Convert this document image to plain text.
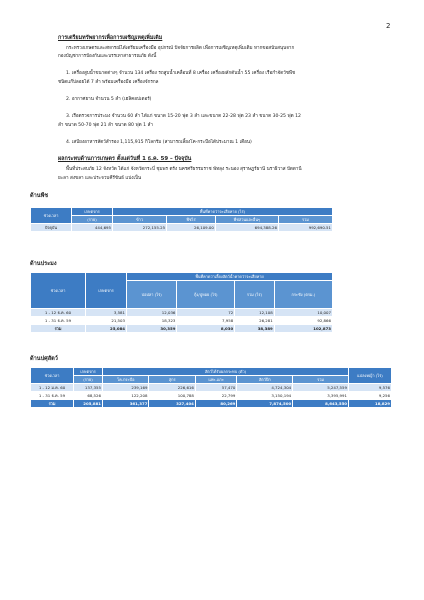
2
การเตรียมทรัพยากรเพื่อการเผชิญเหตุเพิ่มเติม
กระทรวงเกษตรและสหกรณ์ได้เตรียมเครื่องมือ อุปกรณ์ ปัจจัยการผลิต เพื่อการเผชิญเหตุเพิ่มเติม หากขอสนับสนุนจาก
กองบัญชาการป้องกันและบรรเทาสาธารณภัย ดังนี้
1. เครื่องสูบน้ำขนาดต่างๆ จำนวน 134 เครื่อง รถสูบน้ำเคลื่อนที่ 8 เครื่อง เครื่องผลักดันน้ำ 55 เครื่อง เรือกำจัดวัชพืช
ชนิดแก๊ปลอยได้ 7 ลำ พร้อมเครื่องมือ เครื่องจักรกล
2. อากาศยาน จำนวน 5 ลำ (เฮลิคอปเตอร์)
3. เรือตรวจการประมง จำนวน 60 ลำ ได้แก่ ขนาด 15-20 ฟุต 3 ลำ และขนาด 22-28 ฟุต 23 ลำ ขนาด 30-25 ฟุต 12
ลำ ขนาด 50-70 ฟุต 21 ลำ ขนาด 80 ฟุต 1 ลำ
4. เสบียงอาหารสัตว์สำรอง 1,115,915 กิโลกรัม (สามารถเลี้ยงโค-กระบือได้ประมาณ 1 เดือน)
ผลกระทบด้านการเกษตร ตั้งแต่วันที่ 1 ธ.ค. 59 – ปัจจุบัน
พื้นที่ประสบภัย 12 จังหวัด ได้แก่ จังหวัดกระบี่ ชุมพร ตรัง นครศรีธรรมราช พัทลุง ระนอง สุราษฎร์ธานี นราธิวาส ปัตตานี
ยะลา สงขลา และประจวบคีรีขันธ์ แบ่งเป็น
ด้านพืช
ช่วงเวลา	เกษตรกร	พื้นที่คาดว่าจะเสียหาย (ไร่)			
	(ราย)	ข้าว	พืชไร่	พืชสวนและอื่นๆ	รวม
ปัจจุบัน	444,695	272,155.25	26,109.00	694,388.26	992,690.51
ด้านประมง
ช่วงเวลา	เกษตรกร	พื้นที่คาดว่าเลี้ยงสัตว์น้ำคาดว่าจะเสียหาย			
		บ่อปลา (ไร่)	กุ้ง/ปูหอย (ไร่)	รวม (ไร่)	กระชัง (ตรม.)

1 - 12 ธ.ค. 60	3,581	12,036	72	12,108	10,007
1 - 31 ธ.ค. 59	21,503	18,323	7,958	26,281	92,866
รวม	25,084	30,359	8,030	38,389	102,873
ด้านปศุสัตว์
ช่วงเวลา	เกษตรกร	สัตว์ได้รับผลกระทบ (ตัว)					แปลงหญ้า (ไร่)
	(ราย)	โค-กระบือ	สุกร	แพะ-แกะ	สัตว์ปีก	รวม	
1 - 12 ม.ค. 60	137,355	239,169	226,616	57,470	4,724,304	5,247,559	9,576
1 - 31 ธ.ค. 59	68,526	122,208	100,788	22,799	3,150,194	3,395,991	9,256
รวม	205,881	361,377	327,404	80,269	7,874,500	8,643,550	18,829
